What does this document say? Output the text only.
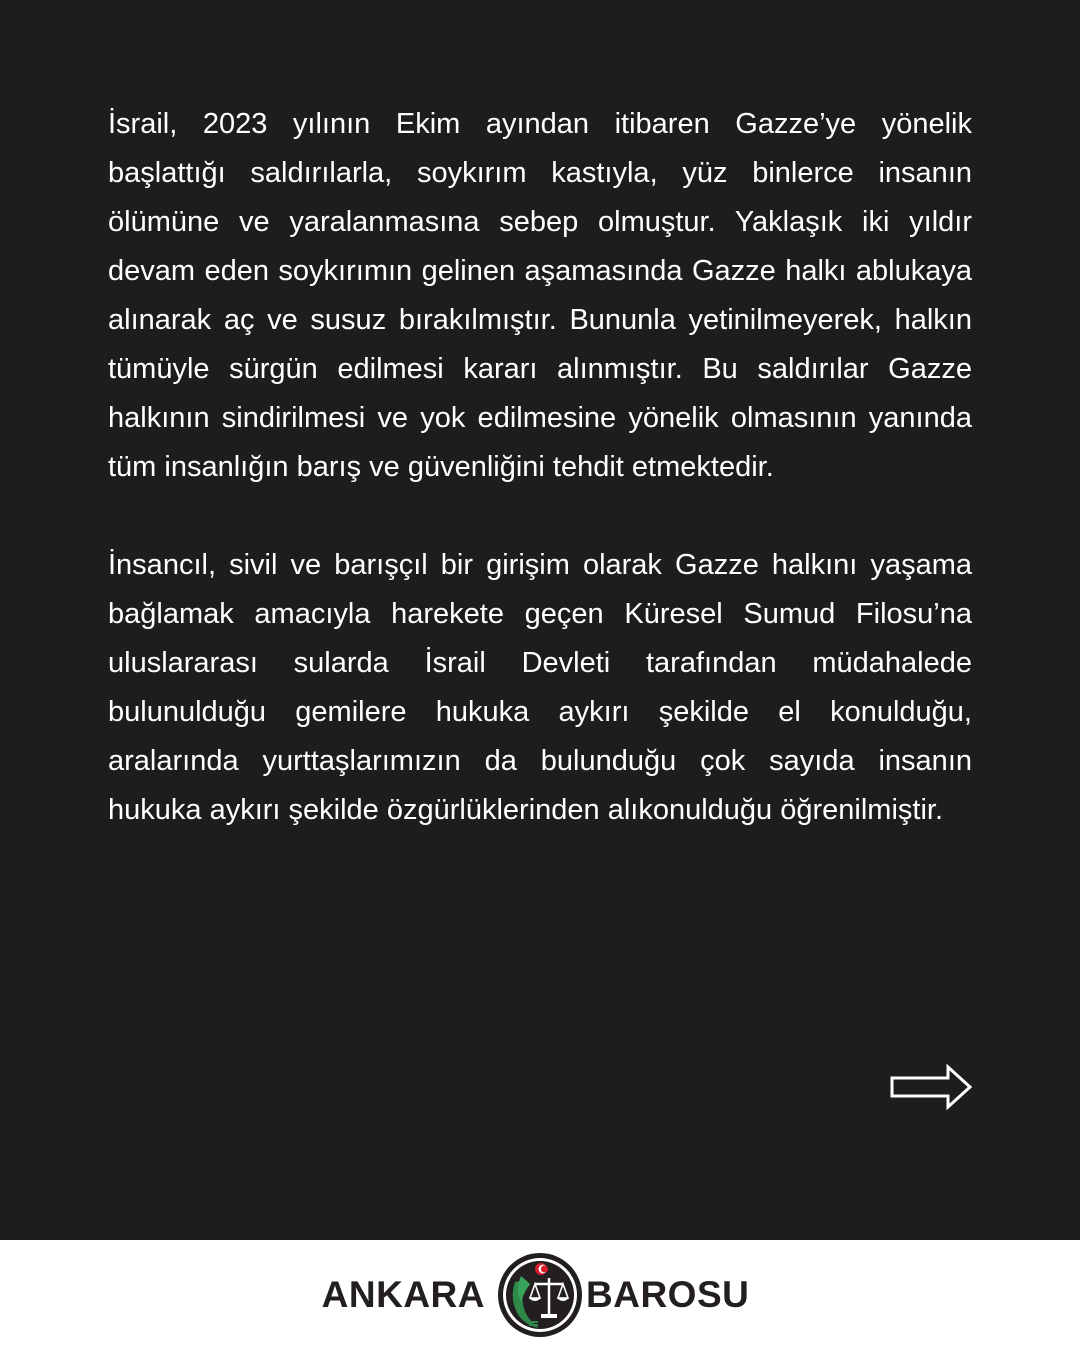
İsrail, 2023 yılının Ekim ayından itibaren Gazze’ye yönelik başlattığı saldırılarla, soykırım kastıyla, yüz binlerce insanın ölümüne ve yaralanmasına sebep olmuştur. Yaklaşık iki yıldır devam eden soykırımın gelinen aşamasında Gazze halkı ablukaya alınarak aç ve susuz bırakılmıştır. Bununla yetinilmeyerek, halkın tümüyle sürgün edilmesi kararı alınmıştır. Bu saldırılar Gazze halkının sindirilmesi ve yok edilmesine yönelik olmasının yanında tüm insanlığın barış ve güvenliğini tehdit etmektedir.

İnsancıl, sivil ve barışçıl bir girişim olarak Gazze halkını yaşama bağlamak amacıyla harekete geçen Küresel Sumud Filosu’na uluslararası sularda İsrail Devleti tarafından müdahalede bulunulduğu gemilere hukuka aykırı şekilde el konulduğu, aralarında yurttaşlarımızın da bulunduğu çok sayıda insanın hukuka aykırı şekilde özgürlüklerinden alıkonulduğu öğrenilmiştir.

ANKARA	BAROSU
